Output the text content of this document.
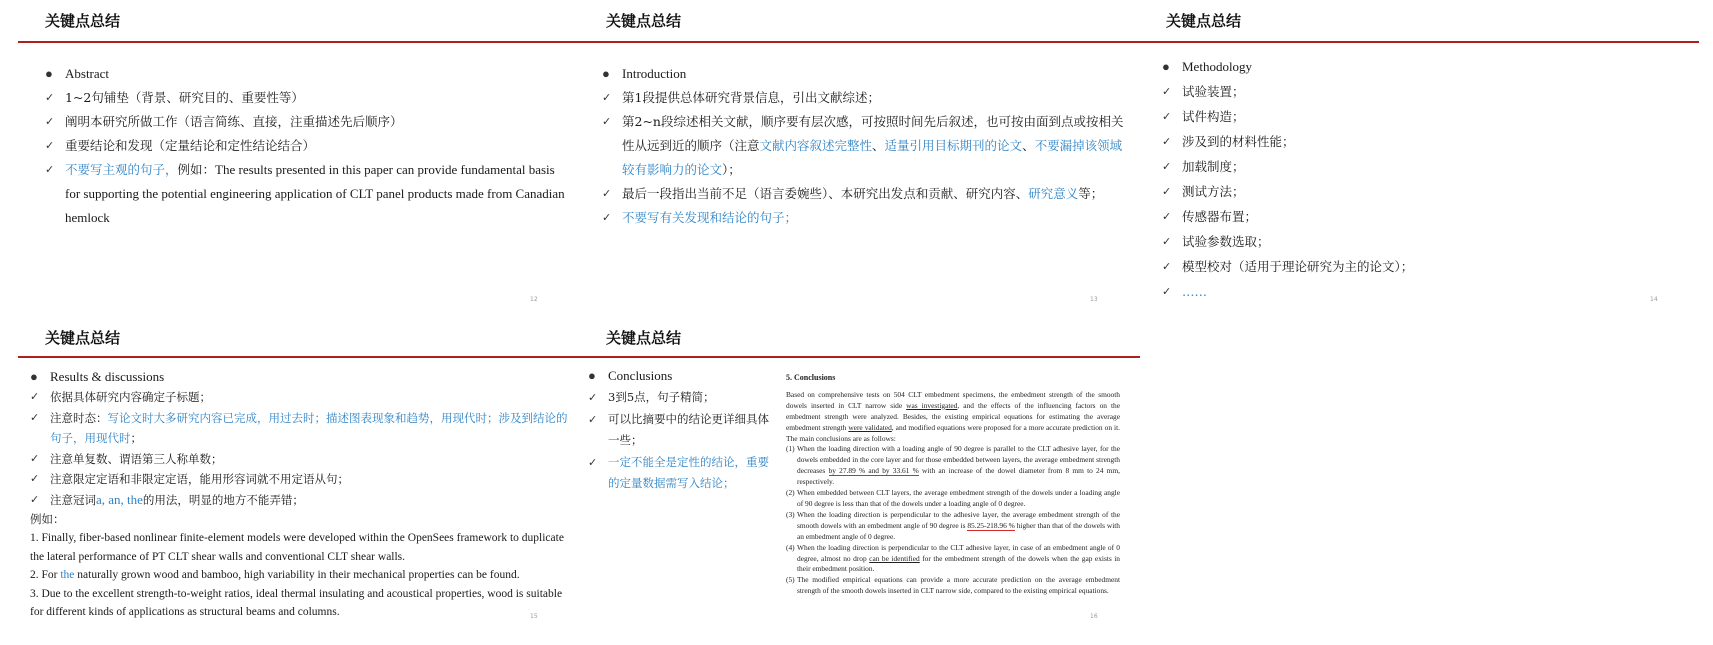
关键点总结
● Abstract
✓ 1~2句铺垫（背景、研究目的、重要性等）
✓ 阐明本研究所做工作（语言简练、直接，注重描述先后顺序）
✓ 重要结论和发现（定量结论和定性结论结合）
✓ 不要写主观的句子，例如：The results presented in this paper can provide fundamental basis for supporting the potential engineering application of CLT panel products made from Canadian hemlock
12
关键点总结
● Introduction
✓ 第1段提供总体研究背景信息，引出文献综述；
✓ 第2~n段综述相关文献，顺序要有层次感，可按照时间先后叙述，也可按由面到点或按相关性从远到近的顺序（注意文献内容叙述完整性、适量引用目标期刊的论文、不要漏掉该领域较有影响力的论文）；
✓ 最后一段指出当前不足（语言委婉些）、本研究出发点和贡献、研究内容、研究意义等；
✓ 不要写有关发现和结论的句子；
13
关键点总结
● Methodology
✓ 试验装置；
✓ 试件构造；
✓ 涉及到的材料性能；
✓ 加载制度；
✓ 测试方法；
✓ 传感器布置；
✓ 试验参数选取；
✓ 模型校对（适用于理论研究为主的论文）；
✓ ……
14
关键点总结
● Results & discussions
✓ 依据具体研究内容确定子标题；
✓ 注意时态：写论文时大多研究内容已完成，用过去时；描述图表现象和趋势，用现代时；涉及到结论的句子，用现代时；
✓ 注意单复数、谓语第三人称单数；
✓ 注意限定定语和非限定定语，能用形容词就不用定语从句；
✓ 注意冠词a, an, the的用法，明显的地方不能弄错；
例如：
1. Finally, fiber-based nonlinear finite-element models were developed within the OpenSees framework to duplicate the lateral performance of PT CLT shear walls and conventional CLT shear walls.
2. For the naturally grown wood and bamboo, high variability in their mechanical properties can be found.
3. Due to the excellent strength-to-weight ratios, ideal thermal insulating and acoustical properties, wood is suitable for different kinds of applications as structural beams and columns.	15
关键点总结
● Conclusions
✓ 3到5点，句子精简；
✓ 可以比摘要中的结论更详细具体一些；
✓ 一定不能全是定性的结论，重要的定量数据需写入结论；
5. Conclusions
Based on comprehensive tests on 504 CLT embedment specimens, the embedment strength of the smooth dowels inserted in CLT narrow side was investigated, and the effects of the influencing factors on the embedment strength were analyzed. Besides, the existing empirical equations for estimating the average embedment strength were validated, and modified equations were proposed for a more accurate prediction on it. The main conclusions are as follows:
(1) When the loading direction with a loading angle of 90 degree is parallel to the CLT adhesive layer, for the dowels embedded in the core layer and for those embedded between layers, the average embedment strength decreases by 27.89 % and by 33.61 % with an increase of the dowel diameter from 8 mm to 24 mm, respectively.
(2) When embedded between CLT layers, the average embedment strength of the dowels under a loading angle of 90 degree is less than that of the dowels under a loading angle of 0 degree.
(3) When the loading direction is perpendicular to the adhesive layer, the average embedment strength of the smooth dowels with an embedment angle of 90 degree is 85.25-218.96 % higher than that of the dowels with an embedment angle of 0 degree.
(4) When the loading direction is perpendicular to the CLT adhesive layer, in case of an embedment angle of 0 degree, almost no drop can be identified for the embedment strength of the dowels when the gap exists in their embedment position.
(5) The modified empirical equations can provide a more accurate prediction on the average embedment strength of the smooth dowels inserted in CLT narrow side, compared to the existing empirical equations.
16
